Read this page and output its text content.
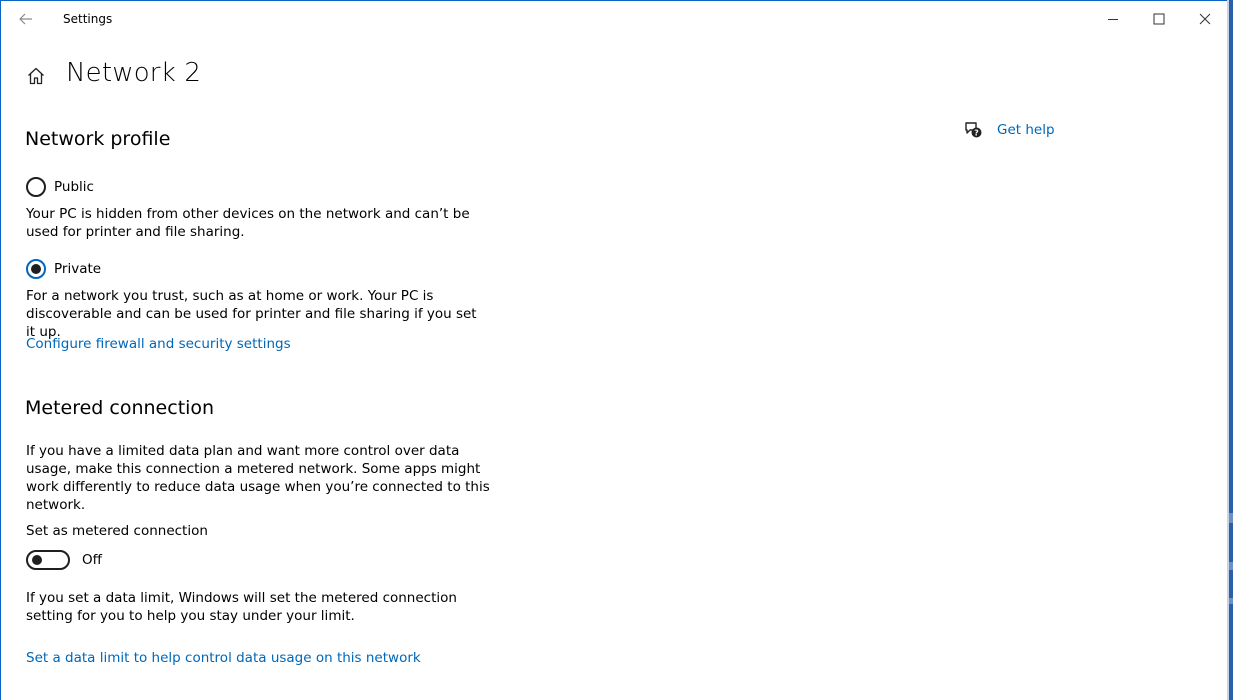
Settings
Network 2
Network profile
Public
Your PC is hidden from other devices on the network and can’t be used for printer and file sharing.
Private
For a network you trust, such as at home or work. Your PC is discoverable and can be used for printer and file sharing if you set it up.
Configure firewall and security settings
Metered connection
If you have a limited data plan and want more control over data usage, make this connection a metered network. Some apps might work differently to reduce data usage when you’re connected to this network.
Set as metered connection
Off
If you set a data limit, Windows will set the metered connection setting for you to help you stay under your limit.
Set a data limit to help control data usage on this network
? Get help
